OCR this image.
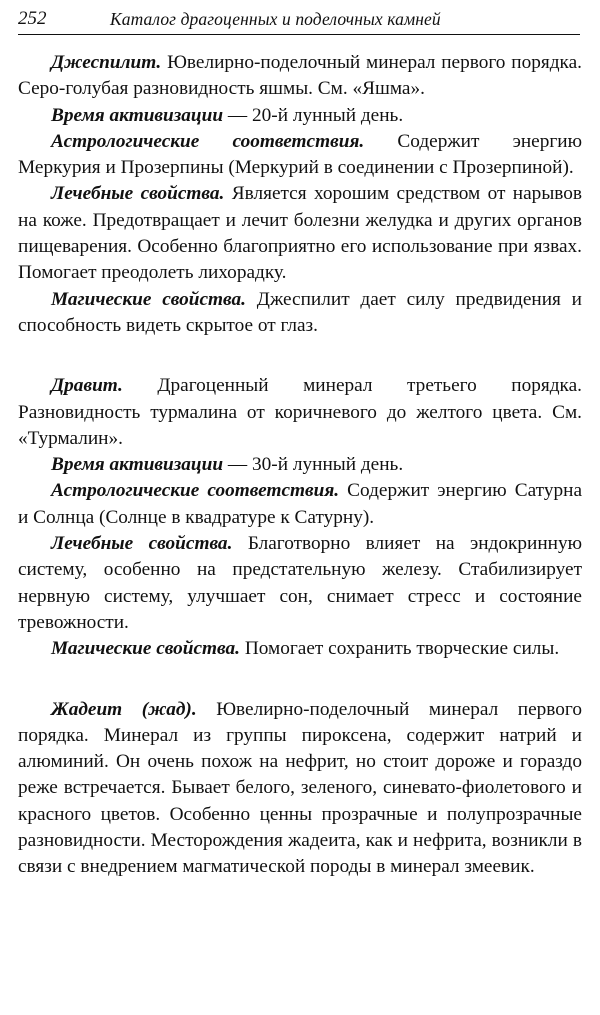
252	Каталог драгоценных и поделочных камней

Джеспилит. Ювелирно-поделочный минерал первого порядка. Серо-голубая разновидность яшмы. См. «Яшма».

Время активизации — 20-й лунный день.

Астрологические соответствия. Содержит энергию Меркурия и Прозерпины (Меркурий в соединении с Прозерпиной).

Лечебные свойства. Является хорошим средством от нарывов на коже. Предотвращает и лечит болезни желудка и других органов пищеварения. Особенно благоприятно его использование при язвах. Помогает преодолеть лихорадку.

Магические свойства. Джеспилит дает силу предвидения и способность видеть скрытое от глаз.

Дравит. Драгоценный минерал третьего порядка. Разновидность турмалина от коричневого до желтого цвета. См. «Турмалин».

Время активизации — 30-й лунный день.

Астрологические соответствия. Содержит энергию Сатурна и Солнца (Солнце в квадратуре к Сатурну).

Лечебные свойства. Благотворно влияет на эндокринную систему, особенно на предстательную железу. Стабилизирует нервную систему, улучшает сон, снимает стресс и состояние тревожности.

Магические свойства. Помогает сохранить творческие силы.

Жадеит (жад). Ювелирно-поделочный минерал первого порядка. Минерал из группы пироксена, содержит натрий и алюминий. Он очень похож на нефрит, но стоит дороже и гораздо реже встречается. Бывает белого, зеленого, синевато-фиолетового и красного цветов. Особенно ценны прозрачные и полупрозрачные разновидности. Месторождения жадеита, как и нефрита, возникли в связи с внедрением магматической породы в минерал змеевик.
